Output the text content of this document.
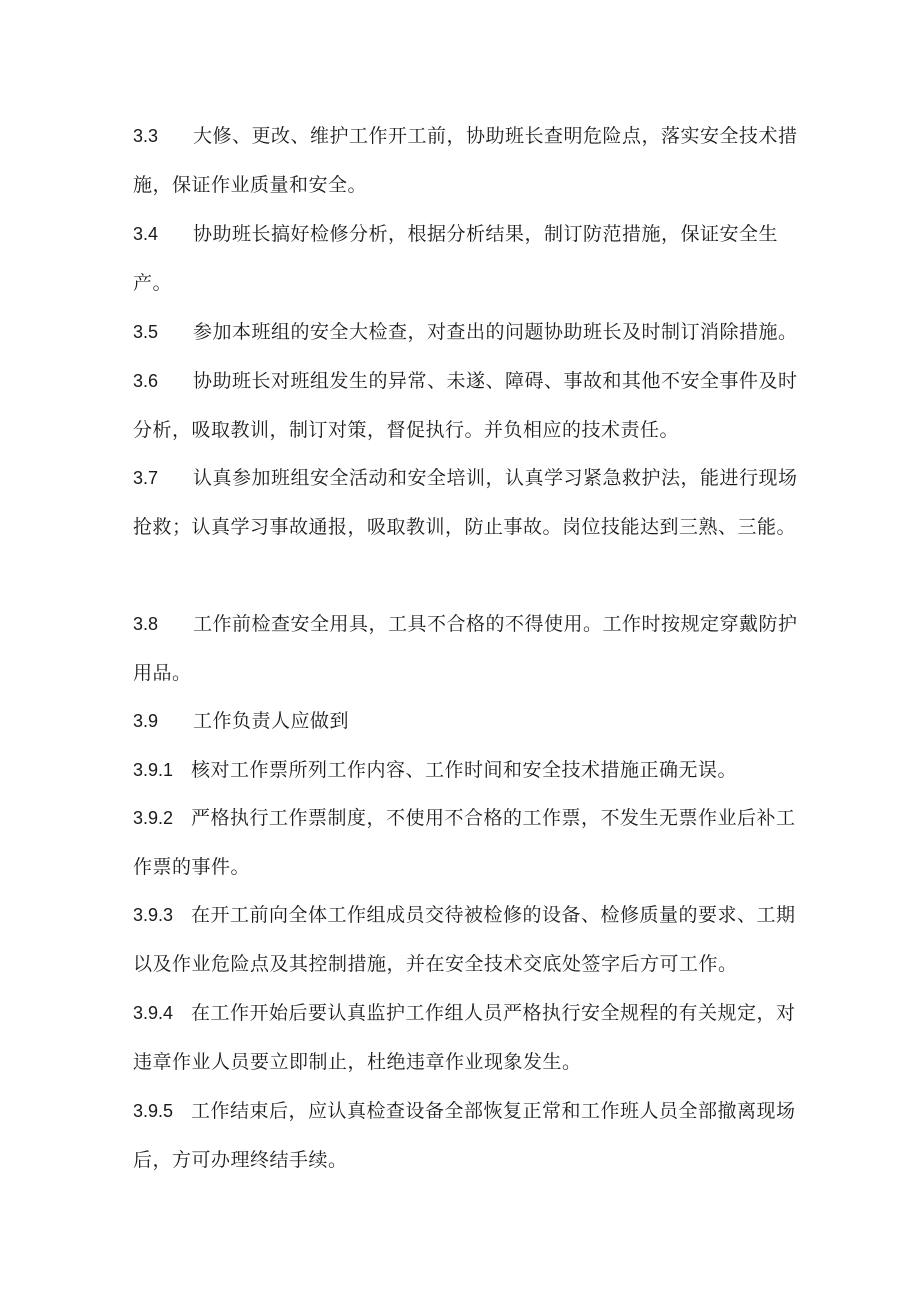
3.3 大修、更改、维护工作开工前，协助班长查明危险点，落实安全技术措施，保证作业质量和安全。
3.4 协助班长搞好检修分析，根据分析结果，制订防范措施，保证安全生产。
3.5 参加本班组的安全大检查，对查出的问题协助班长及时制订消除措施。
3.6 协助班长对班组发生的异常、未遂、障碍、事故和其他不安全事件及时分析，吸取教训，制订对策，督促执行。并负相应的技术责任。
3.7 认真参加班组安全活动和安全培训，认真学习紧急救护法，能进行现场抢救；认真学习事故通报，吸取教训，防止事故。岗位技能达到三熟、三能。
3.8 工作前检查安全用具，工具不合格的不得使用。工作时按规定穿戴防护用品。
3.9 工作负责人应做到
3.9.1 核对工作票所列工作内容、工作时间和安全技术措施正确无误。
3.9.2 严格执行工作票制度，不使用不合格的工作票，不发生无票作业后补工作票的事件。
3.9.3 在开工前向全体工作组成员交待被检修的设备、检修质量的要求、工期以及作业危险点及其控制措施，并在安全技术交底处签字后方可工作。
3.9.4 在工作开始后要认真监护工作组人员严格执行安全规程的有关规定，对违章作业人员要立即制止，杜绝违章作业现象发生。
3.9.5 工作结束后，应认真检查设备全部恢复正常和工作班人员全部撤离现场后，方可办理终结手续。
